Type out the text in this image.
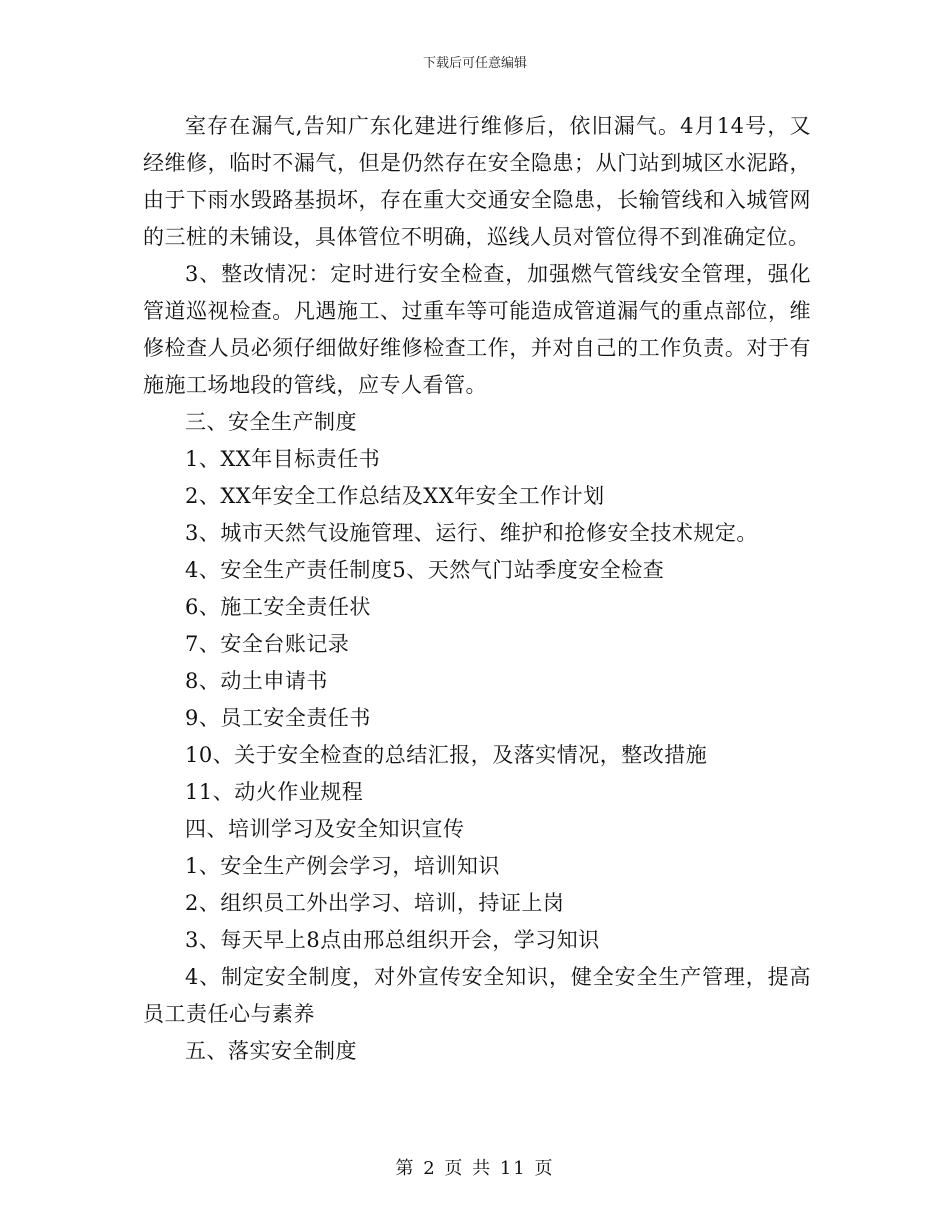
下载后可任意编辑

室存在漏气,告知广东化建进行维修后，依旧漏气。4月14号，又经维修，临时不漏气，但是仍然存在安全隐患；从门站到城区水泥路，由于下雨水毁路基损坏，存在重大交通安全隐患，长输管线和入城管网的三桩的未铺设，具体管位不明确，巡线人员对管位得不到准确定位。

3、整改情况：定时进行安全检查，加强燃气管线安全管理，强化管道巡视检查。凡遇施工、过重车等可能造成管道漏气的重点部位，维修检查人员必须仔细做好维修检查工作，并对自己的工作负责。对于有施施工场地段的管线，应专人看管。

三、安全生产制度

1、XX年目标责任书

2、XX年安全工作总结及XX年安全工作计划

3、城市天然气设施管理、运行、维护和抢修安全技术规定。

4、安全生产责任制度5、天然气门站季度安全检查

6、施工安全责任状

7、安全台账记录

8、动土申请书

9、员工安全责任书

10、关于安全检查的总结汇报，及落实情况，整改措施

11、动火作业规程

四、培训学习及安全知识宣传

1、安全生产例会学习，培训知识

2、组织员工外出学习、培训，持证上岗

3、每天早上8点由邢总组织开会，学习知识

4、制定安全制度，对外宣传安全知识，健全安全生产管理，提高员工责任心与素养

五、落实安全制度

第 2 页 共 11 页
